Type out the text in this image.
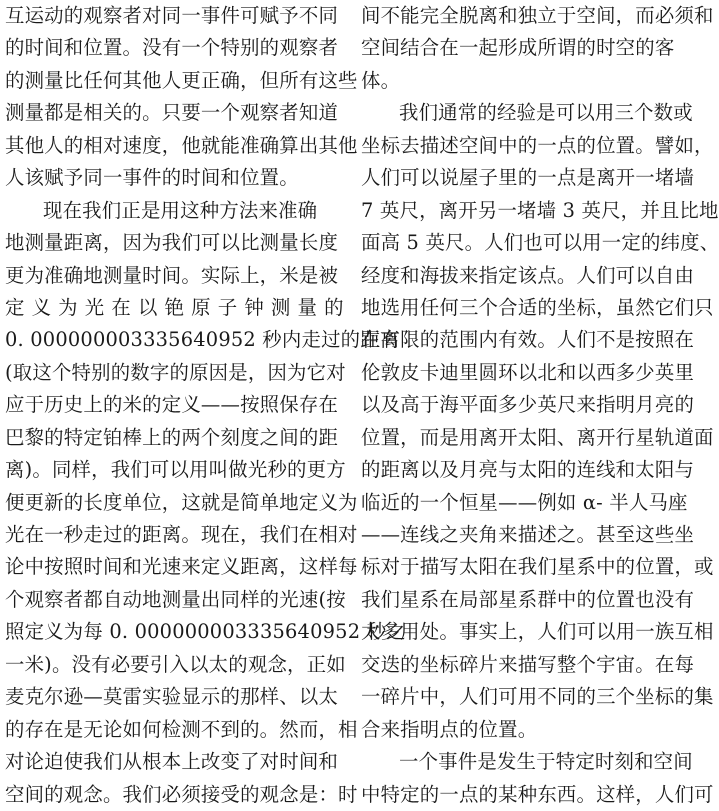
互运动的观察者对同一事件可赋予不同
的时间和位置。没有一个特别的观察者
的测量比任何其他人更正确，但所有这些
测量都是相关的。只要一个观察者知道
其他人的相对速度，他就能准确算出其他
人该赋予同一事件的时间和位置。
现在我们正是用这种方法来准确
地测量距离，因为我们可以比测量长度
更为准确地测量时间。实际上，米是被
定义为光在以铯原子钟测量的
0. 000000003335640952 秒内走过的距离
(取这个特别的数字的原因是，因为它对
应于历史上的米的定义——按照保存在
巴黎的特定铂棒上的两个刻度之间的距
离)。同样，我们可以用叫做光秒的更方
便更新的长度单位，这就是简单地定义为
光在一秒走过的距离。现在，我们在相对
论中按照时间和光速来定义距离，这样每
个观察者都自动地测量出同样的光速(按
照定义为每 0. 000000003335640952 秒之
一米)。没有必要引入以太的观念，正如
麦克尔逊—莫雷实验显示的那样、以太
的存在是无论如何检测不到的。然而，相
对论迫使我们从根本上改变了对时间和
空间的观念。我们必须接受的观念是：时
间不能完全脱离和独立于空间，而必须和
空间结合在一起形成所谓的时空的客
体。
我们通常的经验是可以用三个数或
坐标去描述空间中的一点的位置。譬如，
人们可以说屋子里的一点是离开一堵墙
7 英尺，离开另一堵墙 3 英尺，并且比地
面高 5 英尺。人们也可以用一定的纬度、
经度和海拔来指定该点。人们可以自由
地选用任何三个合适的坐标，虽然它们只
在有限的范围内有效。人们不是按照在
伦敦皮卡迪里圆环以北和以西多少英里
以及高于海平面多少英尺来指明月亮的
位置，而是用离开太阳、离开行星轨道面
的距离以及月亮与太阳的连线和太阳与
临近的一个恒星——例如 α- 半人马座
——连线之夹角来描述之。甚至这些坐
标对于描写太阳在我们星系中的位置，或
我们星系在局部星系群中的位置也没有
太多用处。事实上，人们可以用一族互相
交迭的坐标碎片来描写整个宇宙。在每
一碎片中，人们可用不同的三个坐标的集
合来指明点的位置。
一个事件是发生于特定时刻和空间
中特定的一点的某种东西。这样，人们可
